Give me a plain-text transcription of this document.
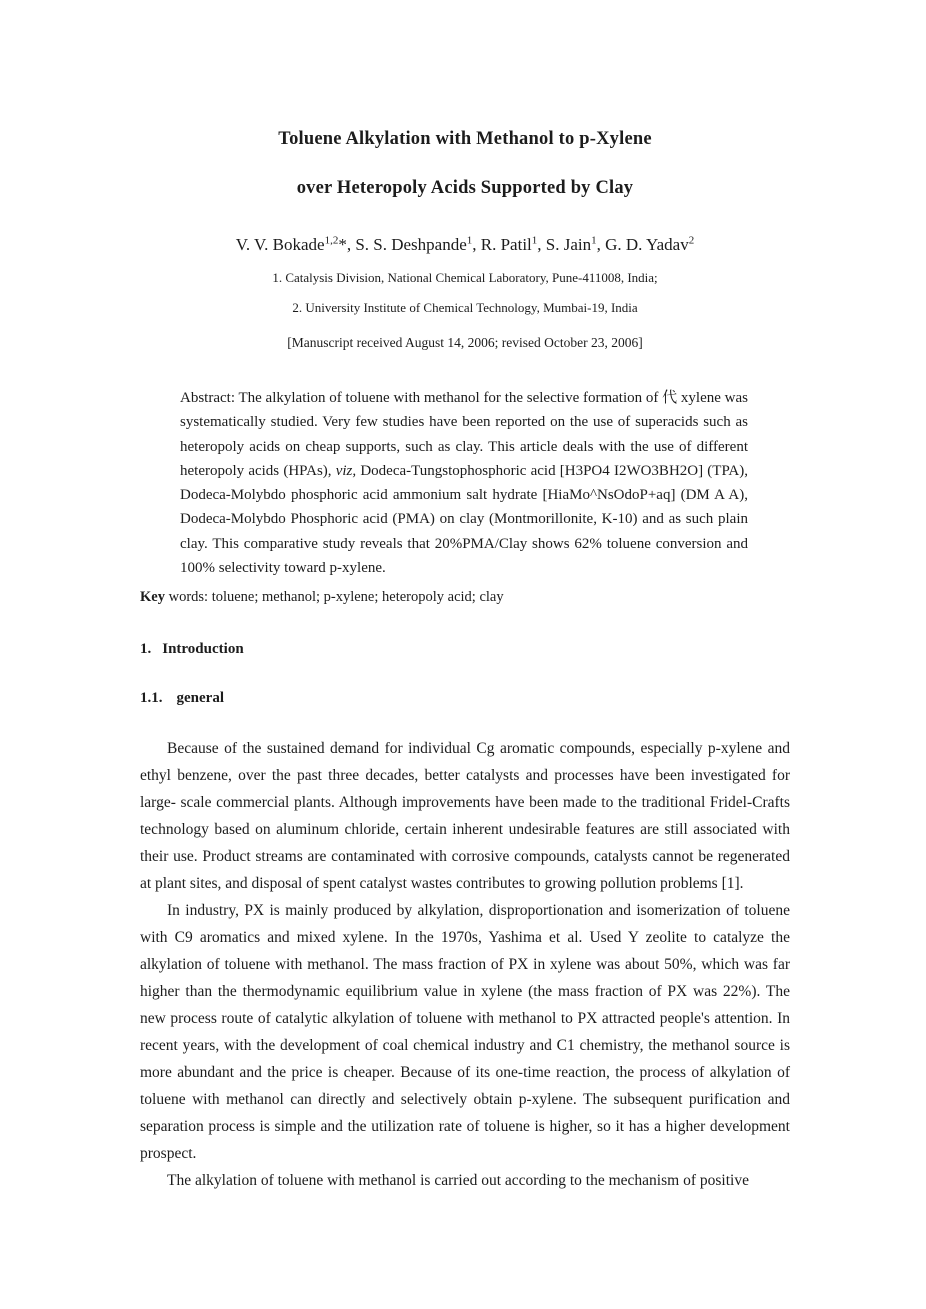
Toluene Alkylation with Methanol to p-Xylene
over Heteropoly Acids Supported by Clay
V. V. Bokade$^{1,2}$*, S. S. Deshpande$^1$, R. Patil$^1$, S. Jain$^1$, G. D. Yadav$^2$
1. Catalysis Division, National Chemical Laboratory, Pune-411008, India;
2. University Institute of Chemical Technology, Mumbai-19, India
[Manuscript received August 14, 2006; revised October 23, 2006]
Abstract: The alkylation of toluene with methanol for the selective formation of 代 xylene was systematically studied. Very few studies have been reported on the use of superacids such as heteropoly acids on cheap supports, such as clay. This article deals with the use of different heteropoly acids (HPAs), viz, Dodeca-Tungstophosphoric acid [H3PO4 I2WO3BH2O] (TPA), Dodeca-Molybdo phosphoric acid ammonium salt hydrate [HiaMo^NsOdoP+aq] (DM A A), Dodeca-Molybdo Phosphoric acid (PMA) on clay (Montmorillonite, K-10) and as such plain clay. This comparative study reveals that 20%PMA/Clay shows 62% toluene conversion and 100% selectivity toward p-xylene.
Key words: toluene; methanol; p-xylene; heteropoly acid; clay
1. Introduction
1.1. general

Because of the sustained demand for individual Cg aromatic compounds, especially p-xylene and ethyl benzene, over the past three decades, better catalysts and processes have been investigated for large- scale commercial plants. Although improvements have been made to the traditional Fridel-Crafts technology based on aluminum chloride, certain inherent undesirable features are still associated with their use. Product streams are contaminated with corrosive compounds, catalysts cannot be regenerated at plant sites, and disposal of spent catalyst wastes contributes to growing pollution problems [1].

In industry, PX is mainly produced by alkylation, disproportionation and isomerization of toluene with C9 aromatics and mixed xylene. In the 1970s, Yashima et al. Used Y zeolite to catalyze the alkylation of toluene with methanol. The mass fraction of PX in xylene was about 50%, which was far higher than the thermodynamic equilibrium value in xylene (the mass fraction of PX was 22%). The new process route of catalytic alkylation of toluene with methanol to PX attracted people's attention. In recent years, with the development of coal chemical industry and C1 chemistry, the methanol source is more abundant and the price is cheaper. Because of its one-time reaction, the process of alkylation of toluene with methanol can directly and selectively obtain p-xylene. The subsequent purification and separation process is simple and the utilization rate of toluene is higher, so it has a higher development prospect.

The alkylation of toluene with methanol is carried out according to the mechanism of positive
